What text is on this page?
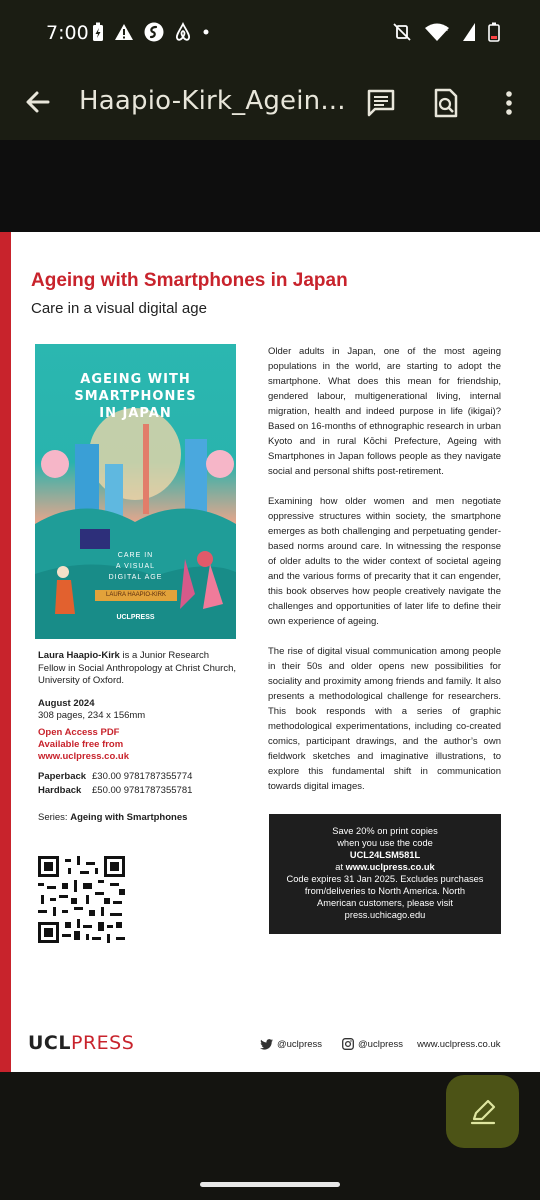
7:00	R
Haapio-Kirk_Agein...
Ageing with Smartphones in Japan
Care in a visual digital age
AGEING WITH
SMARTPHONES
IN JAPAN
CARE IN
A VISUAL
DIGITAL AGE
LAURA HAAPIO-KIRK
UCLPRESS
Laura Haapio-Kirk is a Junior Research Fellow in Social Anthropology at Christ Church, University of Oxford.
August 2024
308 pages, 234 x 156mm
Open Access PDF
Available free from
www.uclpress.co.uk
Paperback £30.00 9781787355774
Hardback £50.00 9781787355781
Series: Ageing with Smartphones

Older adults in Japan, one of the most ageing populations in the world, are starting to adopt the smartphone. What does this mean for friendship, gendered labour, multigenerational living, internal migration, health and indeed purpose in life (ikigai)? Based on 16-months of ethnographic research in urban Kyoto and in rural Kōchi Prefecture, Ageing with Smartphones in Japan follows people as they navigate social and personal shifts post-retirement.

Examining how older women and men negotiate oppressive structures within society, the smartphone emerges as both challenging and perpetuating gender-based norms around care. In witnessing the response of older adults to the wider context of societal ageing and the various forms of precarity that it can engender, this book observes how people creatively navigate the challenges and opportunities of later life to define their own experience of ageing.

The rise of digital visual communication among people in their 50s and older opens new possibilities for sociality and proximity among friends and family. It also presents a methodological challenge for researchers. This book responds with a series of graphic methodological experimentations, including co-created comics, participant drawings, and the author’s own fieldwork sketches and imaginative illustrations, to explore this fundamental shift in communication towards digital images.

Save 20% on print copies
when you use the code
UCL24LSM581L
at www.uclpress.co.uk
Code expires 31 Jan 2025. Excludes purchases
from/deliveries to North America. North
American customers, please visit
press.uchicago.edu
UCLPRESS	@uclpress	@uclpress www.uclpress.co.uk
